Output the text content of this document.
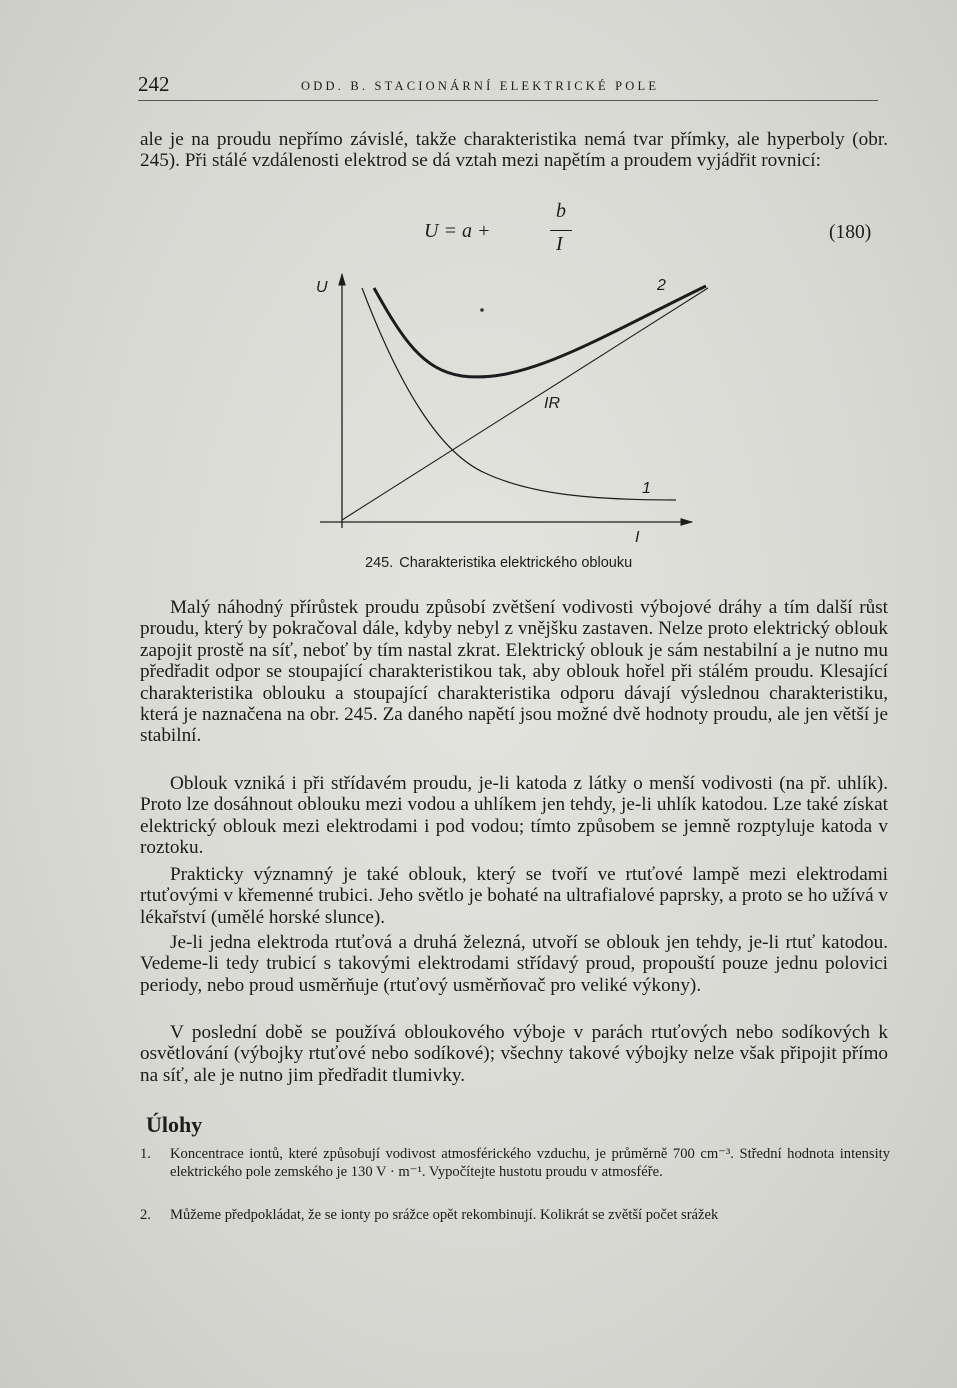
242	ODD. B. STACIONÁRNÍ ELEKTRICKÉ POLE

ale je na proudu nepřímo závislé, takže charakteristika nemá tvar přímky, ale hyperboly (obr. 245). Při stálé vzdálenosti elektrod se dá vztah mezi napětím a proudem vyjádřit rovnicí:

U = a +
b
I
(180)
U
I
1
2
IR
245. Charakteristika elektrického oblouku

Malý náhodný přírůstek proudu způsobí zvětšení vodivosti výbojové dráhy a tím další růst proudu, který by pokračoval dále, kdyby nebyl z vnějšku zastaven. Nelze proto elektrický oblouk zapojit prostě na síť, neboť by tím nastal zkrat. Elektrický oblouk je sám nestabilní a je nutno mu předřadit odpor se stoupající charakteristikou tak, aby oblouk hořel při stálém proudu. Klesající charakteristika oblouku a stoupající charakteristika odporu dávají výslednou charakteristiku, která je naznačena na obr. 245. Za daného napětí jsou možné dvě hodnoty proudu, ale jen větší je stabilní.

Oblouk vzniká i při střídavém proudu, je-li katoda z látky o menší vodivosti (na př. uhlík). Proto lze dosáhnout oblouku mezi vodou a uhlíkem jen tehdy, je-li uhlík katodou. Lze také získat elektrický oblouk mezi elektrodami i pod vodou; tímto způsobem se jemně rozptyluje katoda v roztoku.

Prakticky významný je také oblouk, který se tvoří ve rtuťové lampě mezi elektrodami rtuťovými v křemenné trubici. Jeho světlo je bohaté na ultrafialové paprsky, a proto se ho užívá v lékařství (umělé horské slunce).

Je-li jedna elektroda rtuťová a druhá železná, utvoří se oblouk jen tehdy, je-li rtuť katodou. Vedeme-li tedy trubicí s takovými elektrodami střídavý proud, propouští pouze jednu polovici periody, nebo proud usměrňuje (rtuťový usměrňovač pro veliké výkony).

V poslední době se používá obloukového výboje v parách rtuťových nebo sodíkových k osvětlování (výbojky rtuťové nebo sodíkové); všechny takové výbojky nelze však připojit přímo na síť, ale je nutno jim předřadit tlumivky.

Úlohy
1. Koncentrace iontů, které způsobují vodivost atmosférického vzduchu, je průměrně 700 cm⁻³. Střední hodnota intensity elektrického pole zemského je 130 V · m⁻¹. Vypočítejte hustotu proudu v atmosféře.
2. Můžeme předpokládat, že se ionty po srážce opět rekombinují. Kolikrát se zvětší počet srážek
